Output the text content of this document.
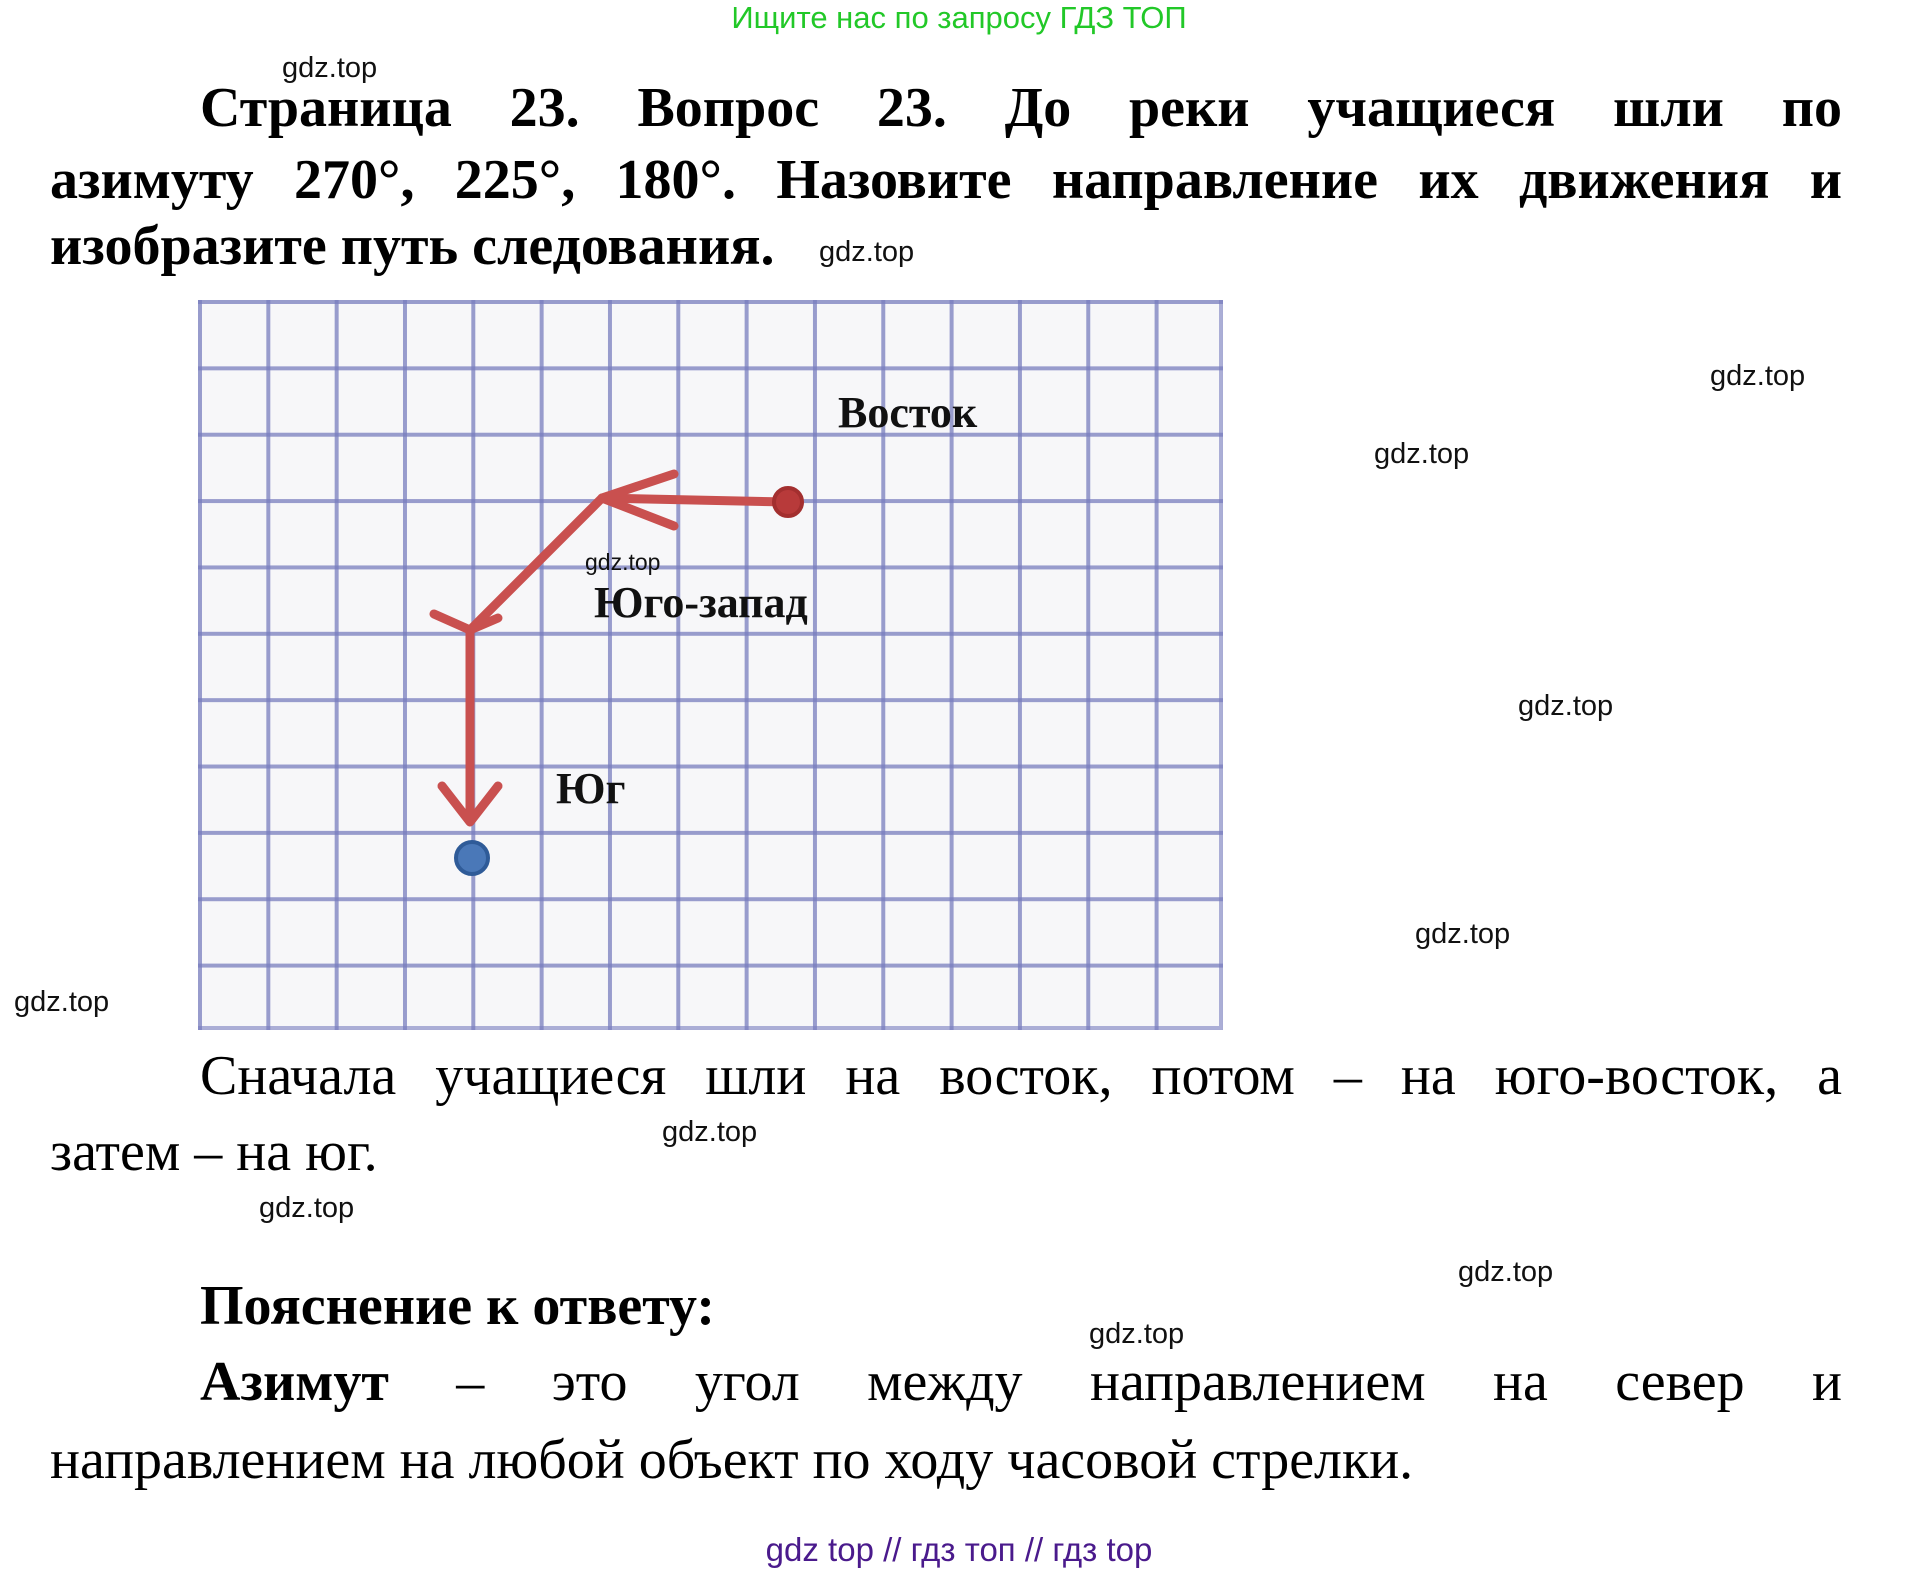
Ищите нас по запросу ГДЗ ТОП
gdz.top
gdz.top
gdz.top
gdz.top
gdz.top
gdz.top
gdz.top
gdz.top
gdz.top
gdz.top
gdz.top
Страница 23. Вопрос 23. До реки учащиеся шли по
азимуту 270°, 225°, 180°. Назовите направление их движения и
изобразите путь следования.
Восток
Юго-запад
Юг
gdz.top
Сначала учащиеся шли на восток, потом – на юго-восток, а
затем – на юг.
Пояснение к ответу:
Азимут – это угол между направлением на север и
направлением на любой объект по ходу часовой стрелки.
gdz top // гдз топ // гдз top
